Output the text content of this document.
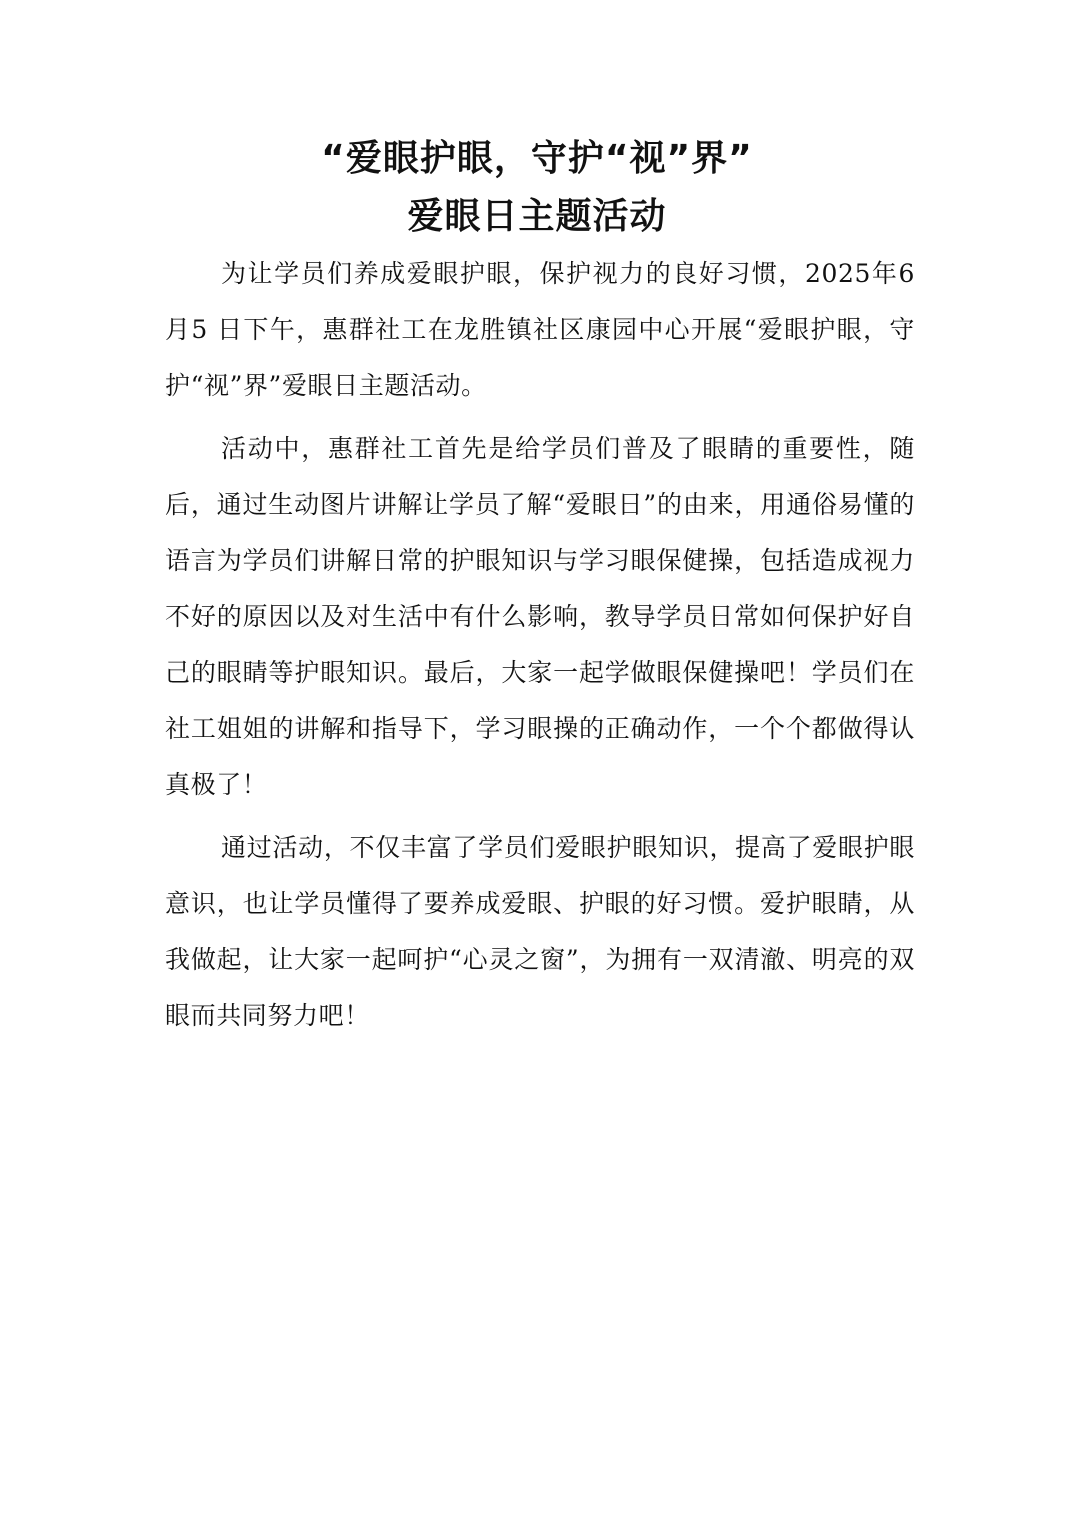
“爱眼护眼，守护“视”界”
爱眼日主题活动

为让学员们养成爱眼护眼，保护视力的良好习惯，2025年6月5 日下午，惠群社工在龙胜镇社区康园中心开展“爱眼护眼，守护“视”界”爱眼日主题活动。

活动中，惠群社工首先是给学员们普及了眼睛的重要性，随后，通过生动图片讲解让学员了解“爱眼日”的由来，用通俗易懂的语言为学员们讲解日常的护眼知识与学习眼保健操，包括造成视力不好的原因以及对生活中有什么影响，教导学员日常如何保护好自己的眼睛等护眼知识。最后，大家一起学做眼保健操吧！学员们在社工姐姐的讲解和指导下，学习眼操的正确动作，一个个都做得认真极了！

通过活动，不仅丰富了学员们爱眼护眼知识，提高了爱眼护眼意识，也让学员懂得了要养成爱眼、护眼的好习惯。爱护眼睛，从我做起，让大家一起呵护“心灵之窗”，为拥有一双清澈、明亮的双眼而共同努力吧！
